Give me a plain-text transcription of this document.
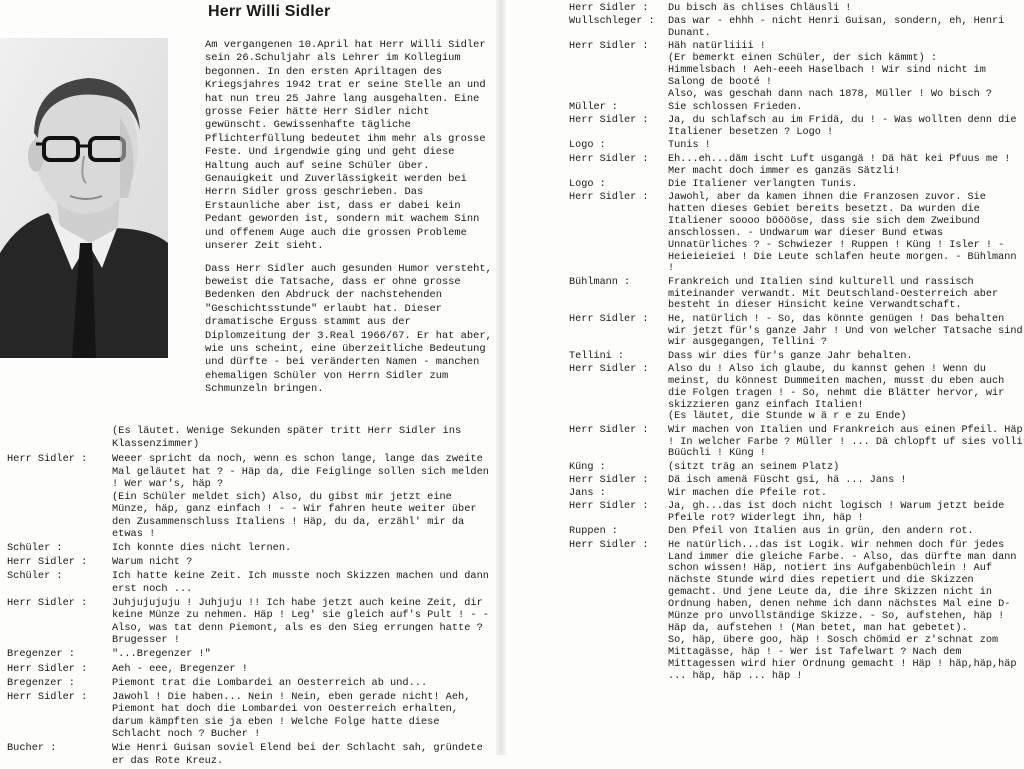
Herr Willi Sidler

Am vergangenen 10.April hat Herr Willi Sidler sein 26.Schuljahr als Lehrer im Kollegium begonnen. In den ersten Apriltagen des Kriegsjahres 1942 trat er seine Stelle an und hat nun treu 25 Jahre lang ausgehalten. Eine grosse Feier hätte Herr Sidler nicht gewünscht. Gewissenhafte tägliche Pflichterfüllung bedeutet ihm mehr als grosse Feste. Und irgendwie ging und geht diese Haltung auch auf seine Schüler über. Genauigkeit und Zuverlässigkeit werden bei Herrn Sidler gross geschrieben. Das Erstaunliche aber ist, dass er dabei kein Pedant geworden ist, sondern mit wachem Sinn und offenem Auge auch die grossen Probleme unserer Zeit sieht.

Dass Herr Sidler auch gesunden Humor versteht, beweist die Tatsache, dass er ohne grosse Bedenken den Abdruck der nachstehenden "Geschichtsstunde" erlaubt hat. Dieser dramatische Erguss stammt aus der Diplomzeitung der 3.Real 1966/67. Er hat aber, wie uns scheint, eine überzeitliche Bedeutung und dürfte - bei veränderten Namen - manchen ehemaligen Schüler von Herrn Sidler zum Schmunzeln bringen.

(Es läutet. Wenige Sekunden später tritt Herr Sidler ins Klassenzimmer)
Herr Sidler :	Weeer spricht da noch, wenn es schon lange, lange das zweite Mal geläutet hat ? - Häp da, die Feiglinge sollen sich melden ! Wer war's, häp ?
(Ein Schüler meldet sich) Also, du gibst mir jetzt eine Münze, häp, ganz einfach ! - - Wir fahren heute weiter über den Zusammenschluss Italiens ! Häp, du da, erzähl' mir da etwas !
Schüler :	Ich konnte dies nicht lernen.
Herr Sidler :	Warum nicht ?
Schüler :	Ich hatte keine Zeit. Ich musste noch Skizzen machen und dann erst noch ...
Herr Sidler :	Juhjujujuju ! Juhjuju !! Ich habe jetzt auch keine Zeit, dir keine Münze zu nehmen. Häp ! Leg' sie gleich auf's Pult ! - - Also, was tat denn Piemont, als es den Sieg errungen hatte ? Brugesser !
Bregenzer :	"...Bregenzer !"
Herr Sidler :	Aeh - eee, Bregenzer !
Bregenzer :	Piemont trat die Lombardei an Oesterreich ab und...
Herr Sidler :	Jawohl ! Die haben... Nein ! Nein, eben gerade nicht! Aeh, Piemont hat doch die Lombardei von Oesterreich erhalten, darum kämpften sie ja eben ! Welche Folge hatte diese Schlacht noch ? Bucher !
Bucher :	Wie Henri Guisan soviel Elend bei der Schlacht sah, gründete er das Rote Kreuz.
Herr Sidler :	Du bisch äs chlises Chläusli !
Wullschleger :	Das war - ehhh - nicht Henri Guisan, sondern, eh, Henri Dunant.
Herr Sidler :	Häh natürliiii !
(Er bemerkt einen Schüler, der sich kämmt) :
Himmelsbach ! Aeh-eeeh Haselbach ! Wir sind nicht im Salong de booté !
Also, was geschah dann nach 1878, Müller ! Wo bisch ?
Müller :	Sie schlossen Frieden.
Herr Sidler :	Ja, du schlafsch au im Fridä, du ! - Was wollten denn die Italiener besetzen ? Logo !
Logo :	Tunis !
Herr Sidler :	Eh...eh...däm ischt Luft usgangä ! Dä hät kei Pfuus me ! Mer macht doch immer es ganzäs Sätzli!
Logo :	Die Italiener verlangten Tunis.
Herr Sidler :	Jawohl, aber da kamen ihnen die Franzosen zuvor. Sie hatten dieses Gebiet bereits besetzt. Da wurden die Italiener soooo bööööse, dass sie sich dem Zweibund anschlossen. - Undwarum war dieser Bund etwas Unnatürliches ? - Schwiezer ! Ruppen ! Küng ! Isler ! - Heieieieiei ! Die Leute schlafen heute morgen. - Bühlmann !
Bühlmann :	Frankreich und Italien sind kulturell und rassisch miteinander verwandt. Mit Deutschland-Oesterreich aber besteht in dieser Hinsicht keine Verwandtschaft.
Herr Sidler :	He, natürlich ! - So, das könnte genügen ! Das behalten wir jetzt für's ganze Jahr ! Und von welcher Tatsache sind wir ausgegangen, Tellini ?
Tellini :	Dass wir dies für's ganze Jahr behalten.
Herr Sidler :	Also du ! Also ich glaube, du kannst gehen ! Wenn du meinst, du könnest Dummeiten machen, musst du eben auch die Folgen tragen ! - So, nehmt die Blätter hervor, wir skizzieren ganz einfach Italien!
(Es läutet, die Stunde w ä r e zu Ende)
Herr Sidler :	Wir machen von Italien und Frankreich aus einen Pfeil. Häp ! In welcher Farbe ? Müller ! ... Dä chlopft uf sies volli Büüchli ! Küng !
Küng :	(sitzt träg an seinem Platz)
Herr Sidler :	Dä isch amenä Füscht gsi, hä ... Jans !
Jans :	Wir machen die Pfeile rot.
Herr Sidler :	Ja, gh...das ist doch nicht logisch ! Warum jetzt beide Pfeile rot? Widerlegt ihn, häp !
Ruppen :	Den Pfeil von Italien aus in grün, den andern rot.
Herr Sidler :	He natürlich...das ist Logik. Wir nehmen doch für jedes Land immer die gleiche Farbe. - Also, das dürfte man dann schon wissen! Häp, notiert ins Aufgabenbüchlein ! Auf nächste Stunde wird dies repetiert und die Skizzen gemacht. Und jene Leute da, die ihre Skizzen nicht in Ordnung haben, denen nehme ich dann nächstes Mal eine D-Münze pro unvollständige Skizze. - So, aufstehen, häp ! Häp da, aufstehen ! (Man betet, man hat gebetet).
So, häp, übere goo, häp ! Sosch chömid er z'schnat zom Mittagässe, häp ! - Wer ist Tafelwart ? Nach dem Mittagessen wird hier Ordnung gemacht ! Häp ! häp,häp,häp ... häp, häp ... häp !
